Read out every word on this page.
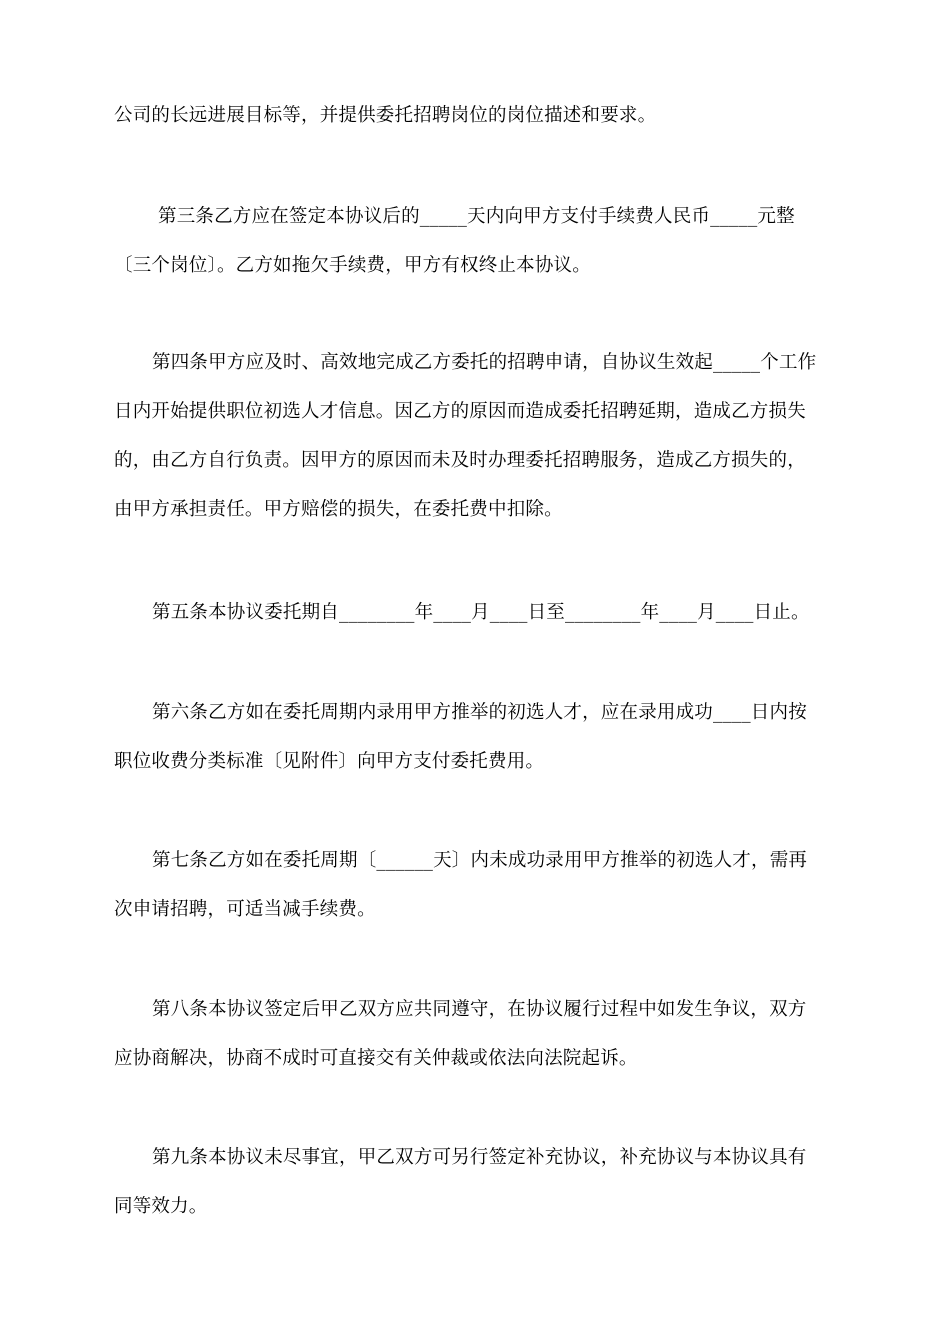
公司的长远进展目标等，并提供委托招聘岗位的岗位描述和要求。
第三条乙方应在签定本协议后的_____天内向甲方支付手续费人民币_____元整
〔三个岗位〕。乙方如拖欠手续费，甲方有权终止本协议。
第四条甲方应及时、高效地完成乙方委托的招聘申请，自协议生效起_____个工作
日内开始提供职位初选人才信息。因乙方的原因而造成委托招聘延期，造成乙方损失
的，由乙方自行负责。因甲方的原因而未及时办理委托招聘服务，造成乙方损失的，
由甲方承担责任。甲方赔偿的损失，在委托费中扣除。
第五条本协议委托期自________年____月____日至________年____月____日止。
第六条乙方如在委托周期内录用甲方推举的初选人才，应在录用成功____日内按
职位收费分类标准〔见附件〕向甲方支付委托费用。
第七条乙方如在委托周期〔______天〕内未成功录用甲方推举的初选人才，需再
次申请招聘，可适当减手续费。
第八条本协议签定后甲乙双方应共同遵守，在协议履行过程中如发生争议，双方
应协商解决，协商不成时可直接交有关仲裁或依法向法院起诉。
第九条本协议未尽事宜，甲乙双方可另行签定补充协议，补充协议与本协议具有
同等效力。
